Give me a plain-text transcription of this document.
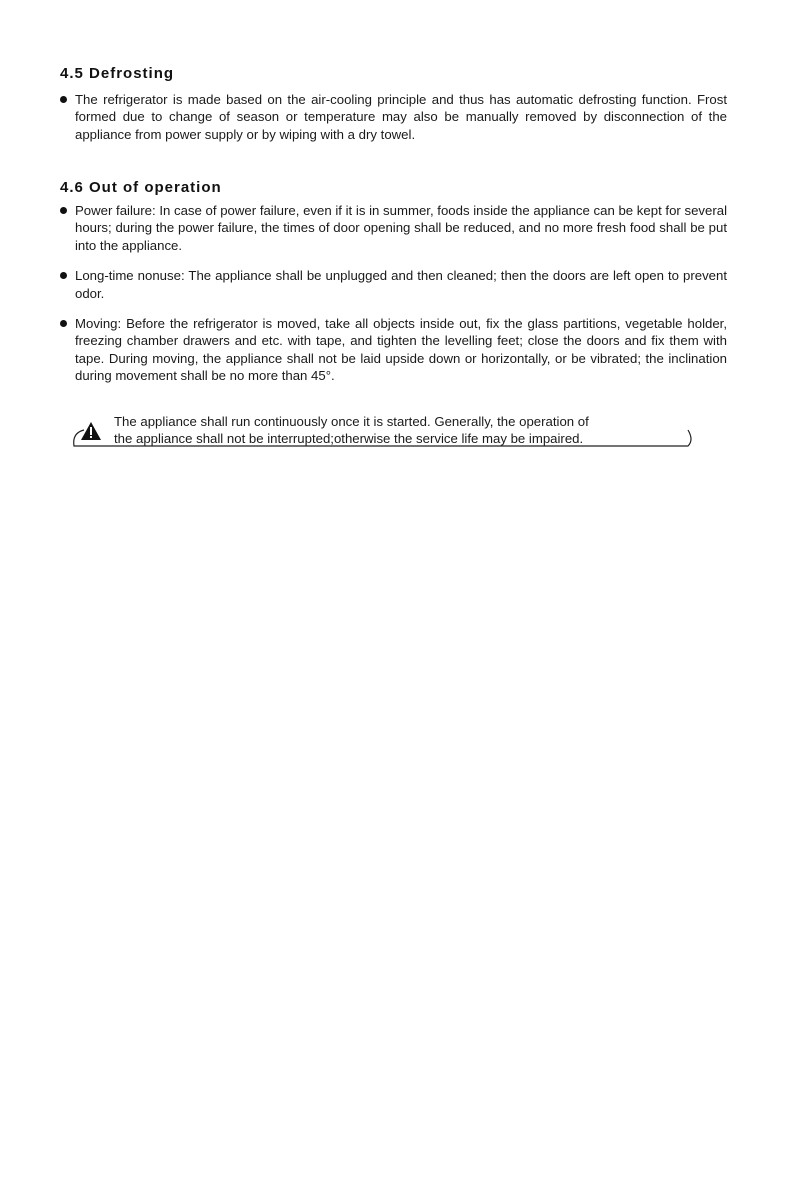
4.5 Defrosting
The refrigerator is made based on the air-cooling principle and thus has automatic defrosting function. Frost formed due to change of season or temperature may also be manually removed by disconnection of the appliance from power supply or by wiping with a dry towel.
4.6 Out of operation
Power failure: In case of power failure, even if it is in summer, foods inside the appliance can be kept for several hours; during the power failure, the times of door opening shall be reduced, and no more fresh food shall be put into the appliance.
Long-time nonuse: The appliance shall be unplugged and then cleaned; then the doors are left open to prevent odor.
Moving: Before the refrigerator is moved, take all objects inside out, fix the glass partitions, vegetable holder, freezing chamber drawers and etc. with tape, and tighten the levelling feet; close the doors and fix them with tape. During moving, the appliance shall not be laid upside down or horizontally, or be vibrated; the inclination during movement shall be no more than 45°.

The appliance shall run continuously once it is started. Generally, the operation of
the appliance shall not be interrupted;otherwise the service life may be impaired.
